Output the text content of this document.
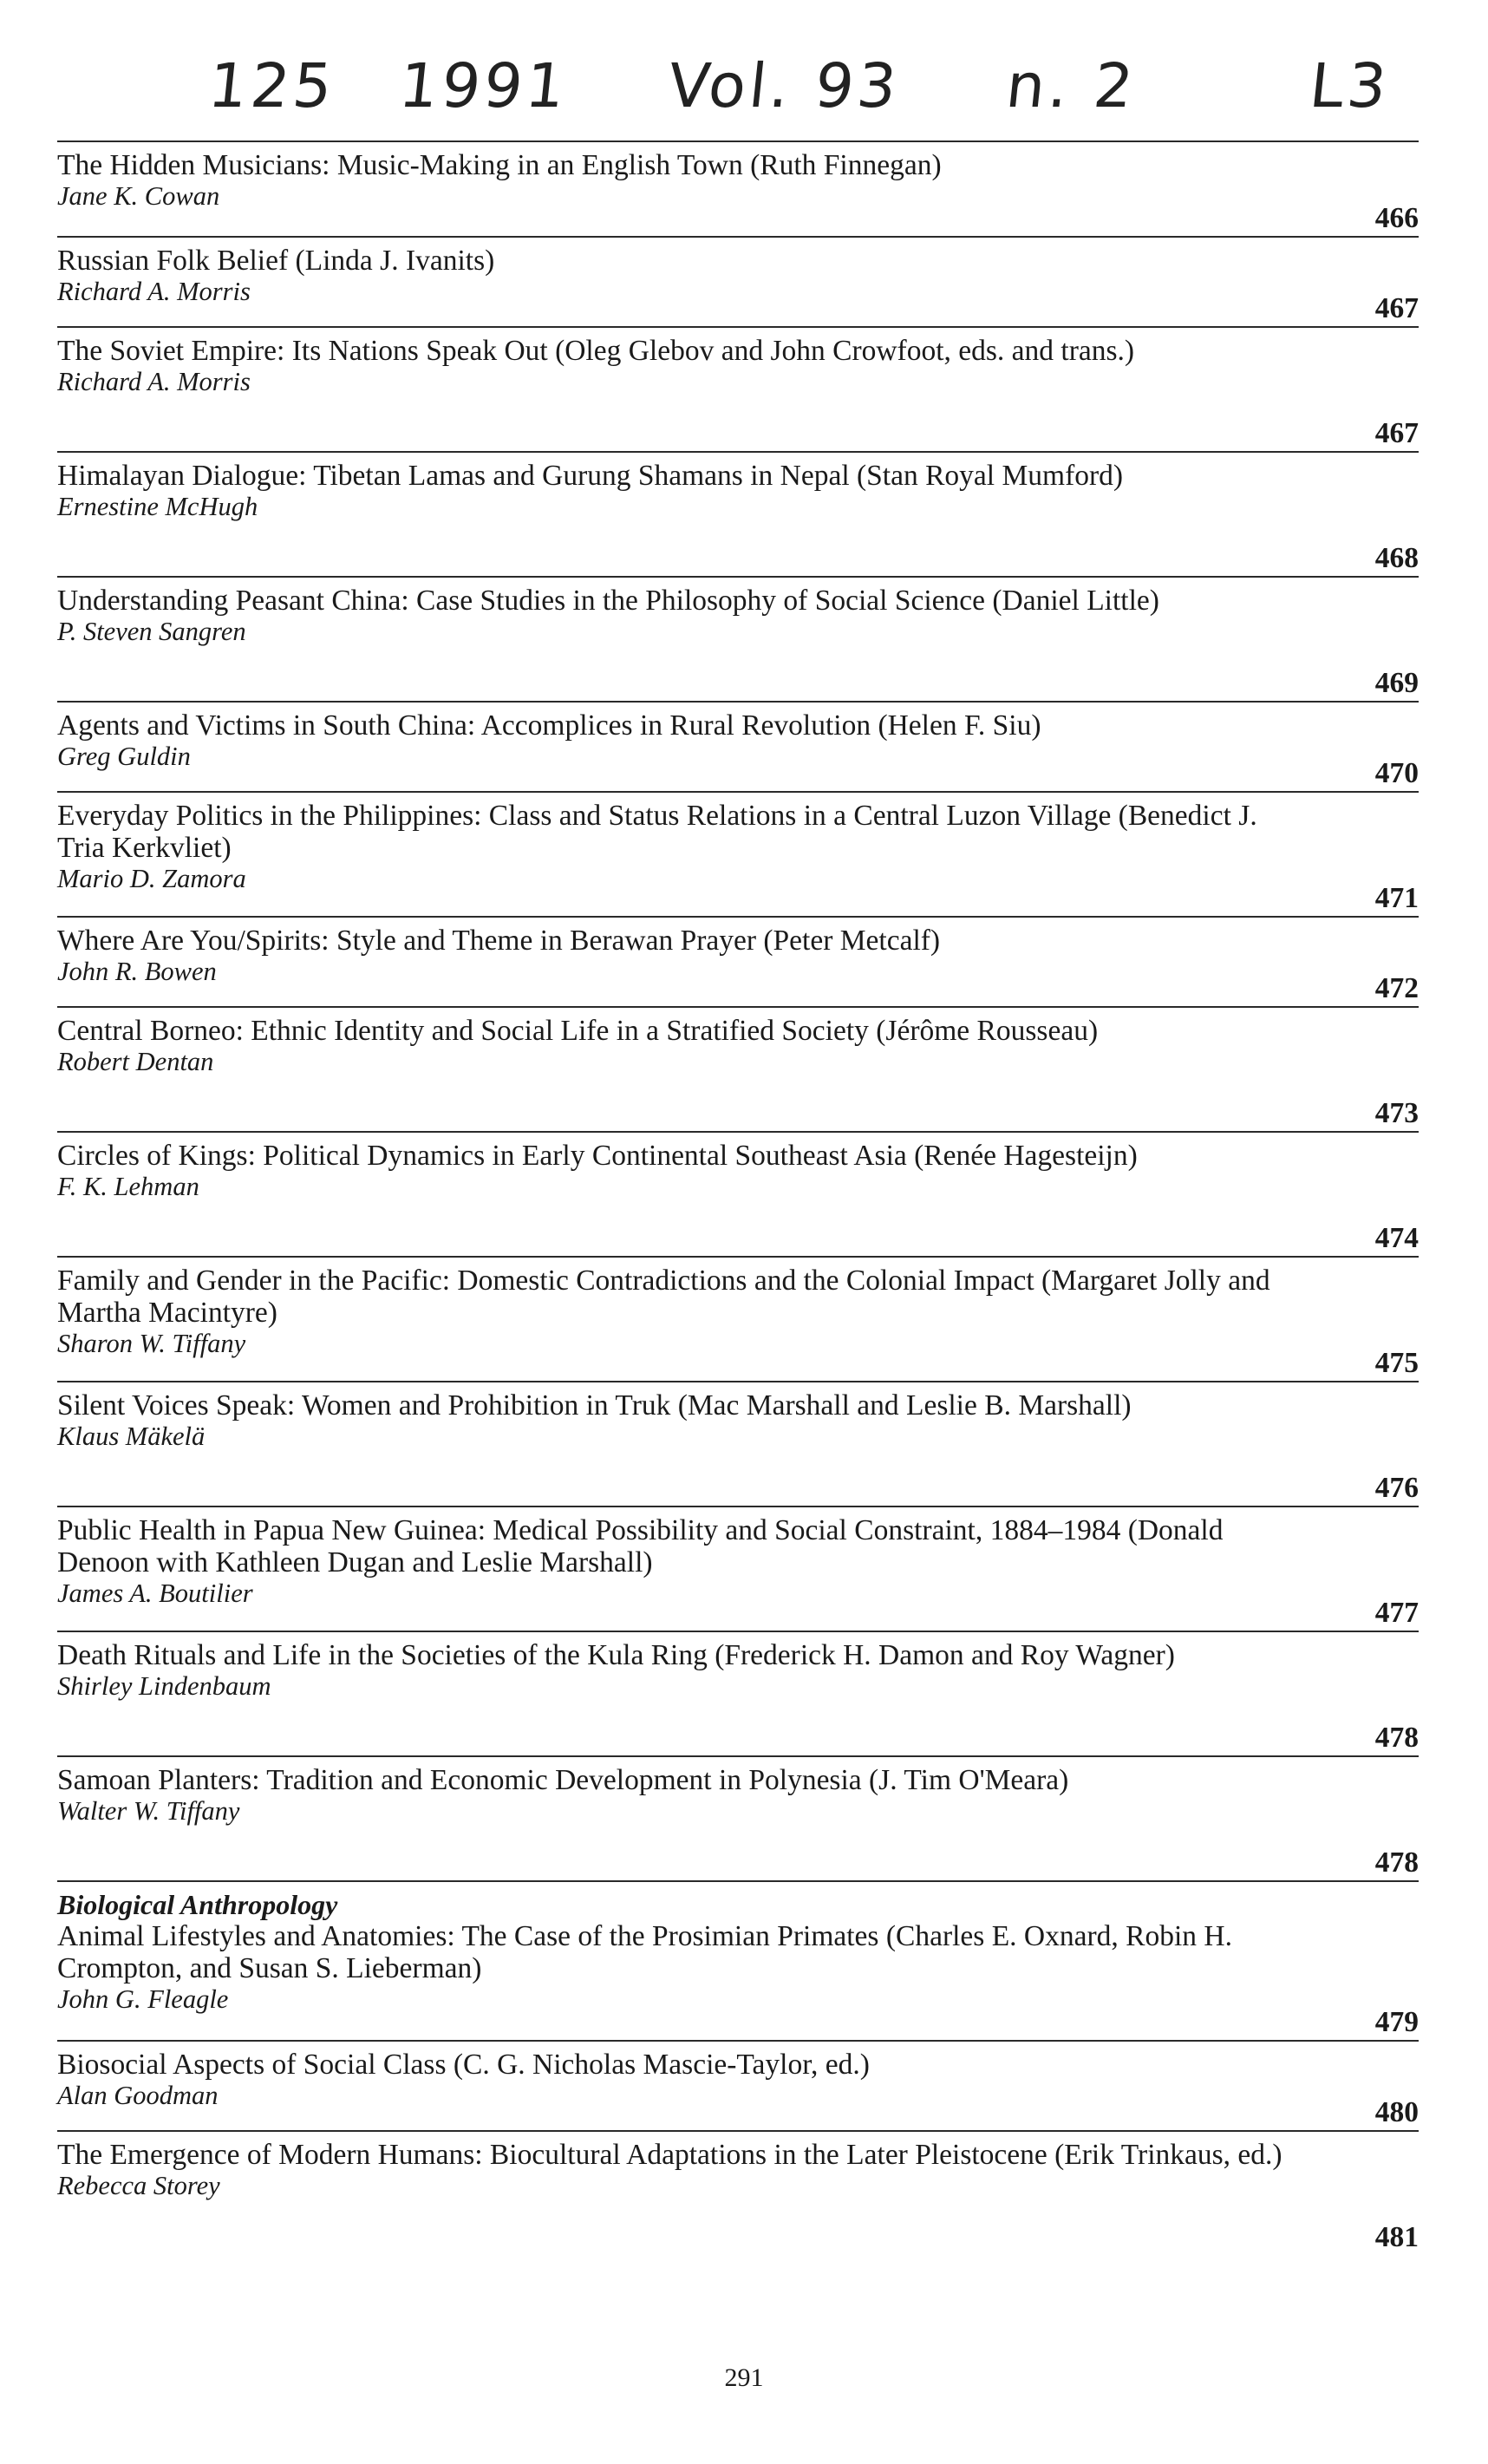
125 1991 Vol. 93 n. 2	L3
The Hidden Musicians: Music-Making in an English Town (Ruth Finnegan)
Jane K. Cowan
466
Russian Folk Belief (Linda J. Ivanits)
Richard A. Morris
467
The Soviet Empire: Its Nations Speak Out (Oleg Glebov and John Crowfoot, eds. and trans.)
Richard A. Morris
467
Himalayan Dialogue: Tibetan Lamas and Gurung Shamans in Nepal (Stan Royal Mumford)
Ernestine McHugh
468
Understanding Peasant China: Case Studies in the Philosophy of Social Science (Daniel Little)
P. Steven Sangren
469
Agents and Victims in South China: Accomplices in Rural Revolution (Helen F. Siu)
Greg Guldin
470
Everyday Politics in the Philippines: Class and Status Relations in a Central Luzon Village (Benedict J. Tria Kerkvliet)
Mario D. Zamora
471
Where Are You/Spirits: Style and Theme in Berawan Prayer (Peter Metcalf)
John R. Bowen
472
Central Borneo: Ethnic Identity and Social Life in a Stratified Society (Jérôme Rousseau)
Robert Dentan
473
Circles of Kings: Political Dynamics in Early Continental Southeast Asia (Renée Hagesteijn)
F. K. Lehman
474
Family and Gender in the Pacific: Domestic Contradictions and the Colonial Impact (Margaret Jolly and Martha Macintyre)
Sharon W. Tiffany
475
Silent Voices Speak: Women and Prohibition in Truk (Mac Marshall and Leslie B. Marshall)
Klaus Mäkelä
476
Public Health in Papua New Guinea: Medical Possibility and Social Constraint, 1884–1984 (Donald Denoon with Kathleen Dugan and Leslie Marshall)
James A. Boutilier
477
Death Rituals and Life in the Societies of the Kula Ring (Frederick H. Damon and Roy Wagner)
Shirley Lindenbaum
478
Samoan Planters: Tradition and Economic Development in Polynesia (J. Tim O'Meara)
Walter W. Tiffany
478
Biological Anthropology
Animal Lifestyles and Anatomies: The Case of the Prosimian Primates (Charles E. Oxnard, Robin H. Crompton, and Susan S. Lieberman)
John G. Fleagle
479
Biosocial Aspects of Social Class (C. G. Nicholas Mascie-Taylor, ed.)
Alan Goodman
480
The Emergence of Modern Humans: Biocultural Adaptations in the Later Pleistocene (Erik Trinkaus, ed.)
Rebecca Storey
481
291
